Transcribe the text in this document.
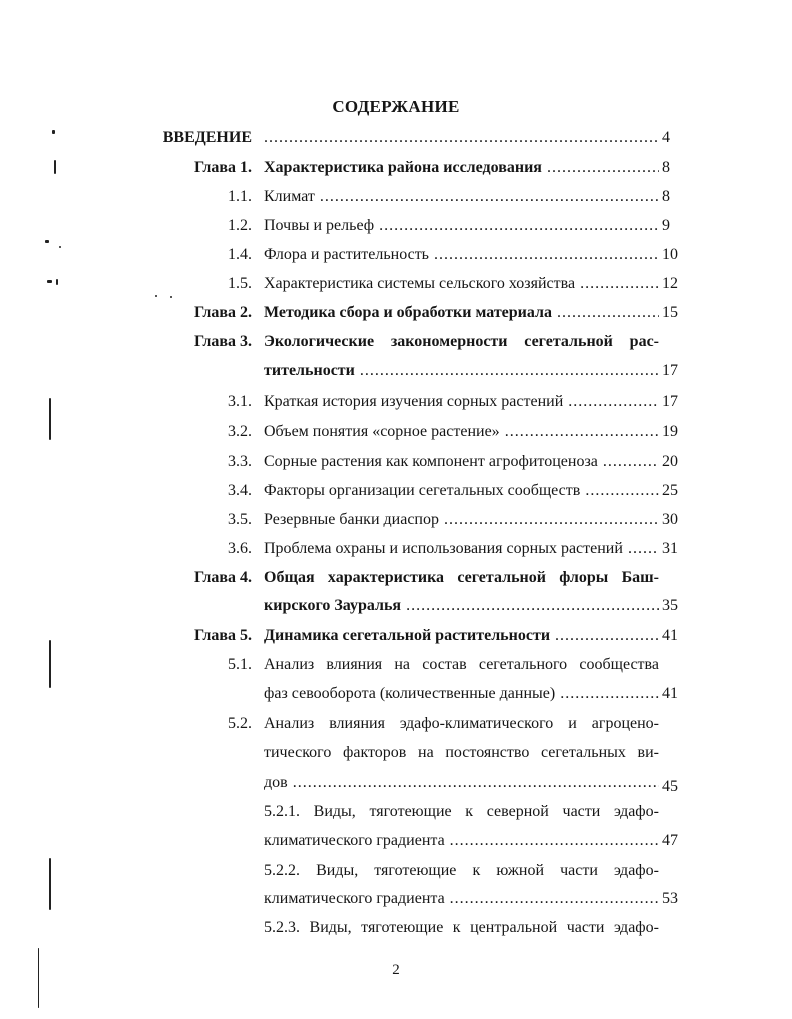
СОДЕРЖАНИЕ
ВВЕДЕНИЕ .....	4
Глава 1. Характеристика района исследования .....	8
1.1. Климат .....	8
1.2. Почвы и рельеф .....	9
1.4. Флора и растительность .....	10
1.5. Характеристика системы сельского хозяйства .....	12
Глава 2. Методика сбора и обработки материала .....	15
Глава 3. Экологические закономерности сегетальной рас-
тительности .....	17
3.1. Краткая история изучения сорных растений .....	17
3.2. Объем понятия «сорное растение» .....	19
3.3. Сорные растения как компонент агрофитоценоза .....	20
3.4. Факторы организации сегетальных сообществ .....	25
3.5. Резервные банки диаспор .....	30
3.6. Проблема охраны и использования сорных растений .....	31
Глава 4. Общая характеристика сегетальной флоры Баш-
кирского Зауралья .....	35
Глава 5. Динамика сегетальной растительности .....	41
5.1. Анализ влияния на состав сегетального сообщества
фаз севооборота (количественные данные) .....	41
5.2. Анализ влияния эдафо-климатического и агроцено-
тического факторов на постоянство сегетальных ви-
дов .....	45
5.2.1. Виды, тяготеющие к северной части эдафо-
климатического градиента .....	47
5.2.2. Виды, тяготеющие к южной части эдафо-
климатического градиента .....	53
5.2.3. Виды, тяготеющие к центральной части эдафо-
2
